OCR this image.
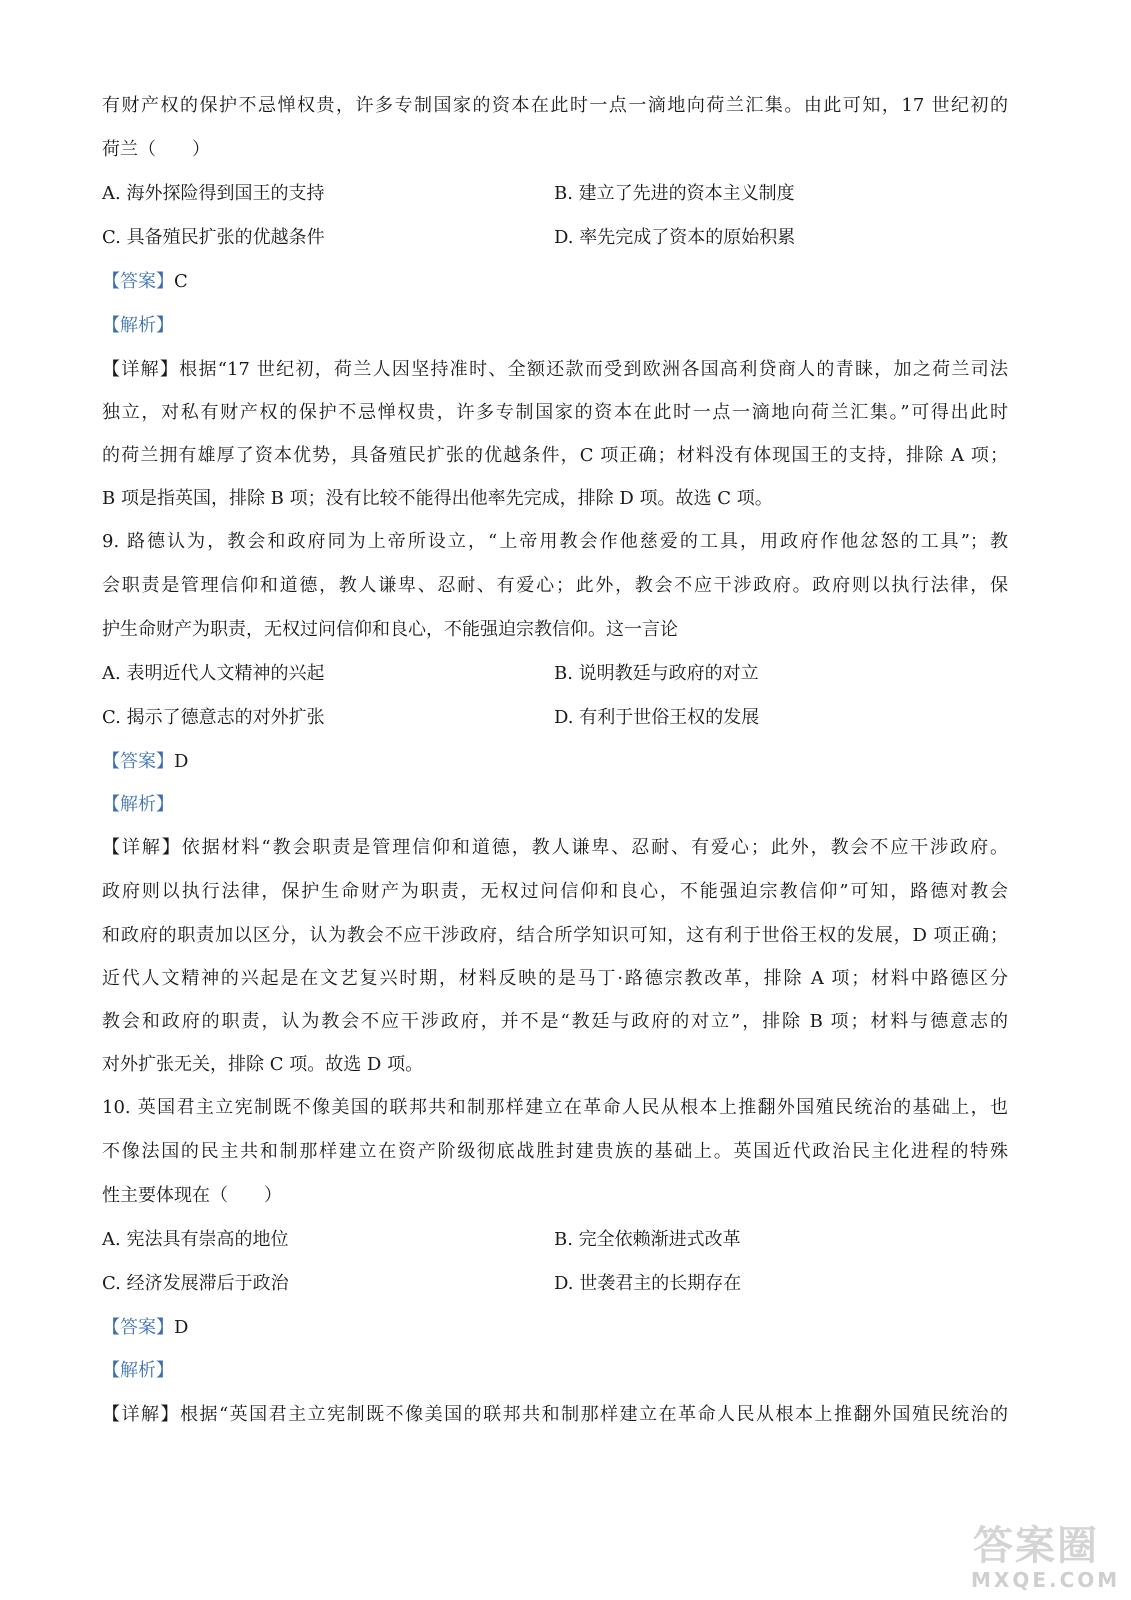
有财产权的保护不忌惮权贵，许多专制国家的资本在此时一点一滴地向荷兰汇集。由此可知，17 世纪初的
荷兰（　　）
A. 海外探险得到国王的支持	B. 建立了先进的资本主义制度
C. 具备殖民扩张的优越条件	D. 率先完成了资本的原始积累
【答案】C
【解析】
【详解】根据“17 世纪初，荷兰人因坚持准时、全额还款而受到欧洲各国高利贷商人的青睐，加之荷兰司法
独立，对私有财产权的保护不忌惮权贵，许多专制国家的资本在此时一点一滴地向荷兰汇集。”可得出此时
的荷兰拥有雄厚了资本优势，具备殖民扩张的优越条件，C 项正确；材料没有体现国王的支持，排除 A 项；
B 项是指英国，排除 B 项；没有比较不能得出他率先完成，排除 D 项。故选 C 项。
9. 路德认为，教会和政府同为上帝所设立，“上帝用教会作他慈爱的工具，用政府作他忿怒的工具”；教
会职责是管理信仰和道德，教人谦卑、忍耐、有爱心；此外，教会不应干涉政府。政府则以执行法律，保
护生命财产为职责，无权过问信仰和良心，不能强迫宗教信仰。这一言论
A. 表明近代人文精神的兴起	B. 说明教廷与政府的对立
C. 揭示了德意志的对外扩张	D. 有利于世俗王权的发展
【答案】D
【解析】
【详解】依据材料“教会职责是管理信仰和道德，教人谦卑、忍耐、有爱心；此外，教会不应干涉政府。
政府则以执行法律，保护生命财产为职责，无权过问信仰和良心，不能强迫宗教信仰”可知，路德对教会
和政府的职责加以区分，认为教会不应干涉政府，结合所学知识可知，这有利于世俗王权的发展，D 项正确；
近代人文精神的兴起是在文艺复兴时期，材料反映的是马丁·路德宗教改革，排除 A 项；材料中路德区分
教会和政府的职责，认为教会不应干涉政府，并不是“教廷与政府的对立”，排除 B 项；材料与德意志的
对外扩张无关，排除 C 项。故选 D 项。
10. 英国君主立宪制既不像美国的联邦共和制那样建立在革命人民从根本上推翻外国殖民统治的基础上，也
不像法国的民主共和制那样建立在资产阶级彻底战胜封建贵族的基础上。英国近代政治民主化进程的特殊
性主要体现在（　　）
A. 宪法具有崇高的地位	B. 完全依赖渐进式改革
C. 经济发展滞后于政治	D. 世袭君主的长期存在
【答案】D
【解析】
【详解】根据“英国君主立宪制既不像美国的联邦共和制那样建立在革命人民从根本上推翻外国殖民统治的
答案圈
MXQE.COM
